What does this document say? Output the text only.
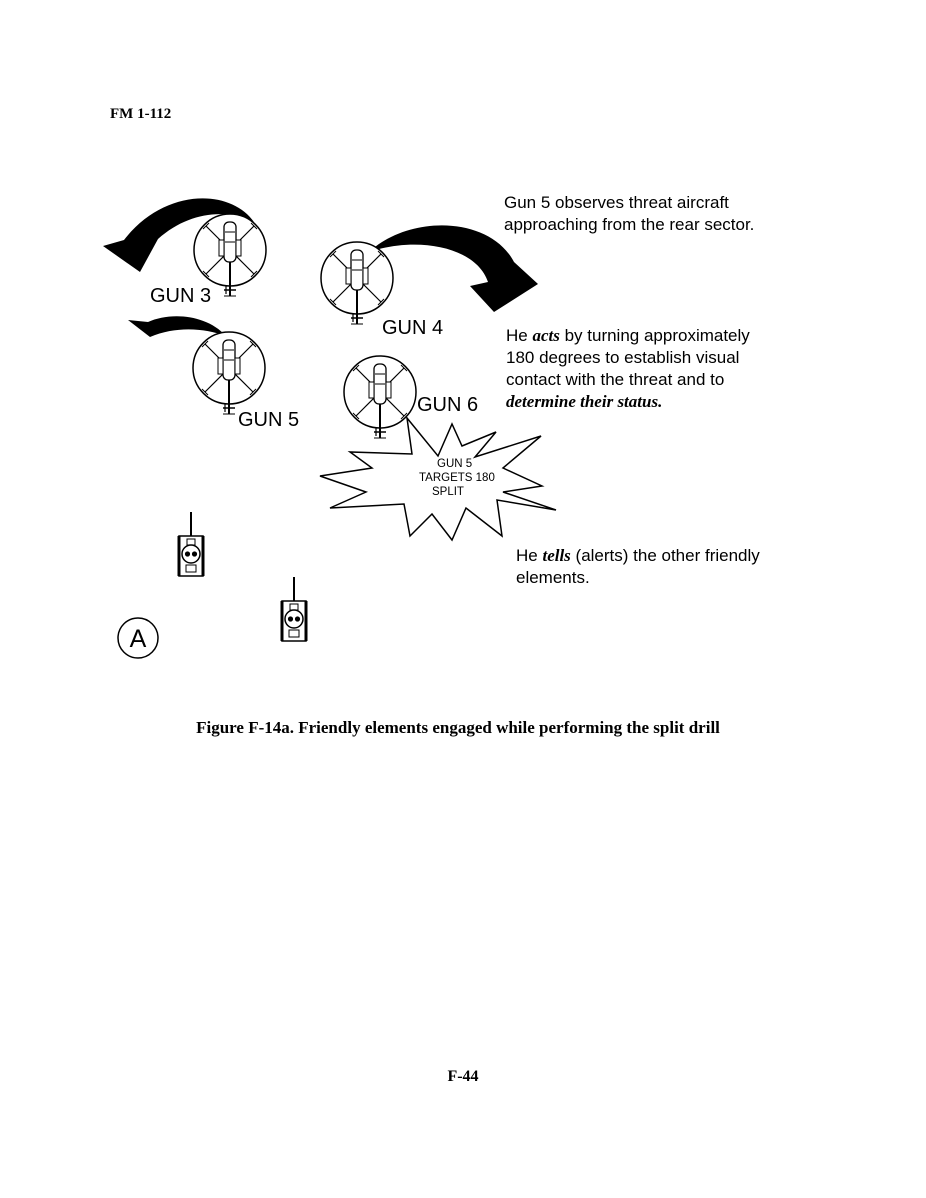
FM 1-112
GUN 3
GUN 4
GUN 5
GUN 6
GUN 5
TARGETS 180
SPLIT
A
Gun 5 observes threat aircraft
approaching from the rear sector.
He acts by turning approximately
180 degrees to establish visual
contact with the threat and to
determine their status.
He tells (alerts) the other friendly
elements.
Figure F-14a. Friendly elements engaged while performing the split drill
F-44
